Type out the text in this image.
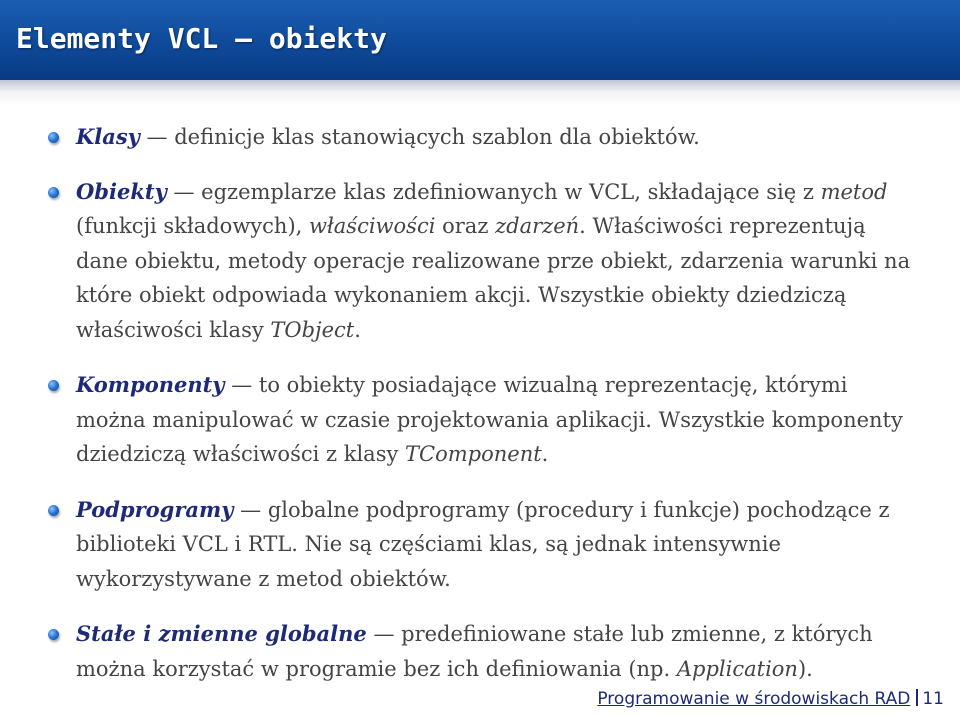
Elementy VCL — obiekty
Klasy — definicje klas stanowiących szablon dla obiektów.
Obiekty — egzemplarze klas zdefiniowanych w VCL, składające się z metod (funkcji składowych), właściwości oraz zdarzeń. Właściwości reprezentują dane obiektu, metody operacje realizowane prze obiekt, zdarzenia warunki na które obiekt odpowiada wykonaniem akcji. Wszystkie obiekty dziedziczą właściwości klasy TObject.
Komponenty — to obiekty posiadające wizualną reprezentację, którymi można manipulować w czasie projektowania aplikacji. Wszystkie komponenty dziedziczą właściwości z klasy TComponent.
Podprogramy — globalne podprogramy (procedury i funkcje) pochodzące z biblioteki VCL i RTL. Nie są częściami klas, są jednak intensywnie wykorzystywane z metod obiektów.
Stałe i zmienne globalne — predefiniowane stałe lub zmienne, z których można korzystać w programie bez ich definiowania (np. Application).
Programowanie w środowiskach RAD 11
